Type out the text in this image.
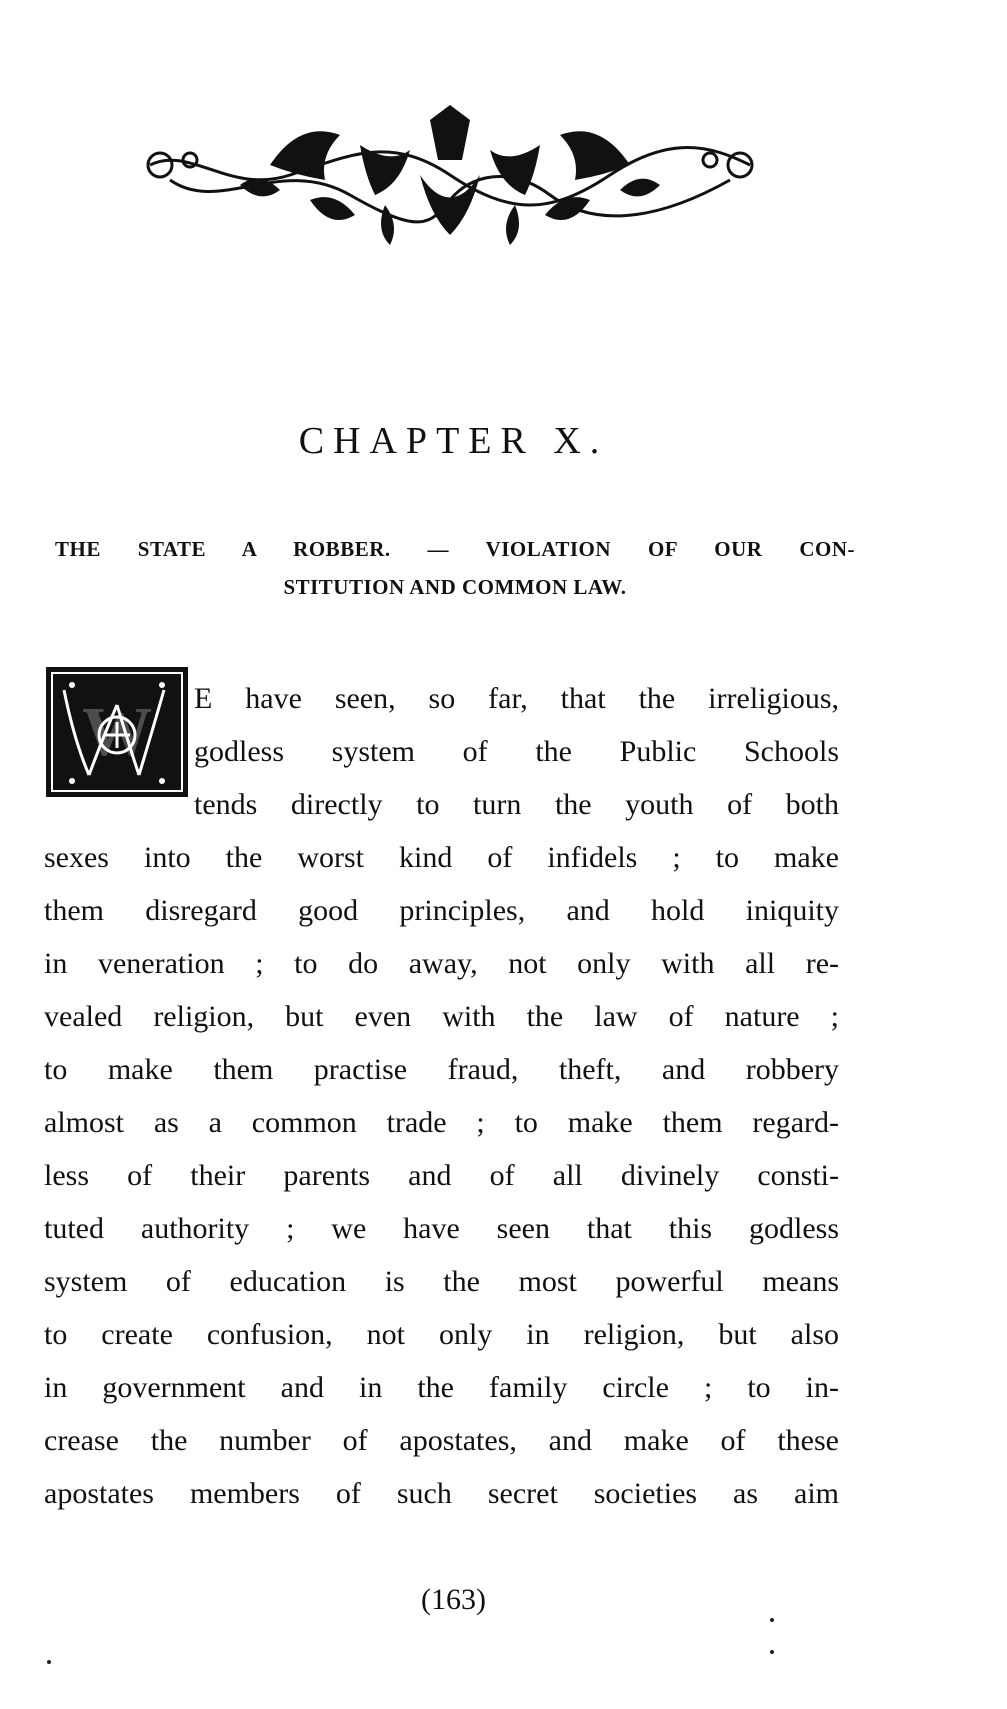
CHAPTER X.
THE STATE A ROBBER. — VIOLATION OF OUR CON-
STITUTION AND COMMON LAW.
W E have seen, so far, that the irreligious,
godless system of the Public Schools
tends directly to turn the youth of both
sexes into the worst kind of infidels ; to make
them disregard good principles, and hold iniquity
in veneration ; to do away, not only with all re-
vealed religion, but even with the law of nature ;
to make them practise fraud, theft, and robbery
almost as a common trade ; to make them regard-
less of their parents and of all divinely consti-
tuted authority ; we have seen that this godless
system of education is the most powerful means
to create confusion, not only in religion, but also
in government and in the family circle ; to in-
crease the number of apostates, and make of these
apostates members of such secret societies as aim
(163)
